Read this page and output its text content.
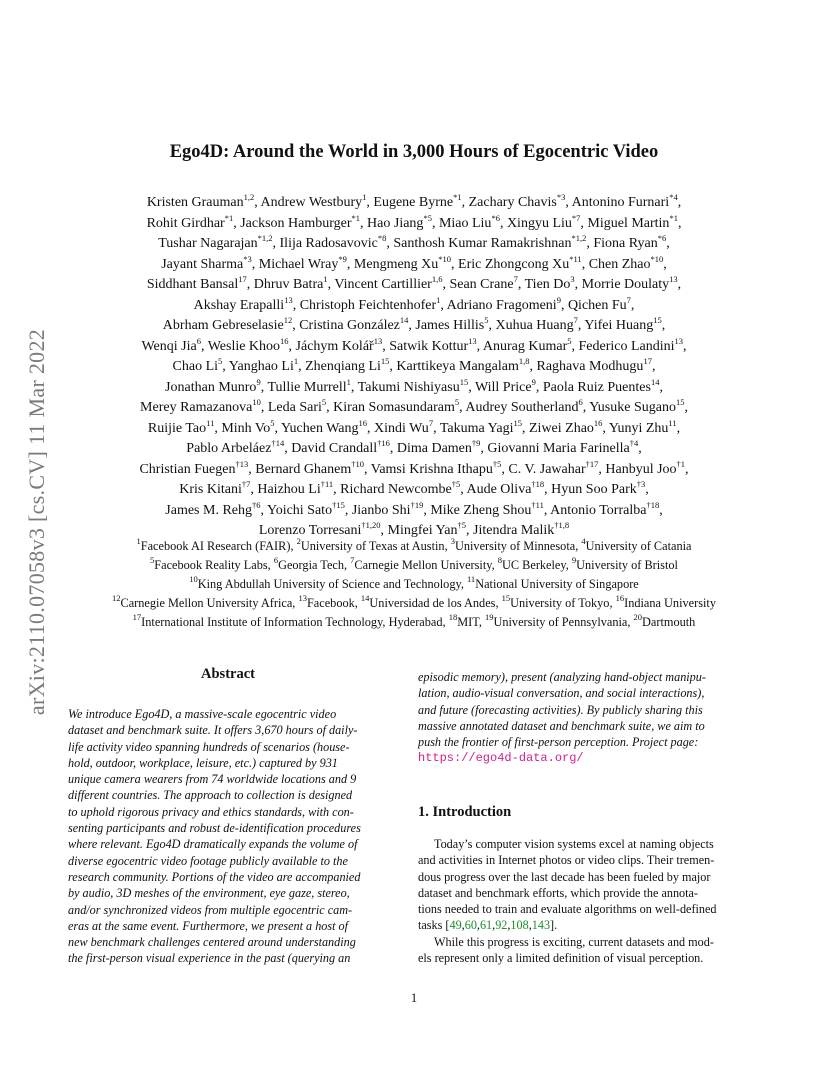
arXiv:2110.07058v3 [cs.CV] 11 Mar 2022
Ego4D: Around the World in 3,000 Hours of Egocentric Video
Kristen Grauman$^{1,2}$, Andrew Westbury$^1$, Eugene Byrne$^{*1}$, Zachary Chavis$^{*3}$, Antonino Furnari$^{*4}$,
Rohit Girdhar$^{*1}$, Jackson Hamburger$^{*1}$, Hao Jiang$^{*5}$, Miao Liu$^{*6}$, Xingyu Liu$^{*7}$, Miguel Martin$^{*1}$,
Tushar Nagarajan$^{*1,2}$, Ilija Radosavovic$^{*8}$, Santhosh Kumar Ramakrishnan$^{*1,2}$, Fiona Ryan$^{*6}$,
Jayant Sharma$^{*3}$, Michael Wray$^{*9}$, Mengmeng Xu$^{*10}$, Eric Zhongcong Xu$^{*11}$, Chen Zhao$^{*10}$,
Siddhant Bansal$^{17}$, Dhruv Batra$^1$, Vincent Cartillier$^{1,6}$, Sean Crane$^7$, Tien Do$^3$, Morrie Doulaty$^{13}$,
Akshay Erapalli$^{13}$, Christoph Feichtenhofer$^1$, Adriano Fragomeni$^9$, Qichen Fu$^7$,
Abrham Gebreselasie$^{12}$, Cristina González$^{14}$, James Hillis$^5$, Xuhua Huang$^7$, Yifei Huang$^{15}$,
Wenqi Jia$^6$, Weslie Khoo$^{16}$, Jáchym Kolář$^{13}$, Satwik Kottur$^{13}$, Anurag Kumar$^5$, Federico Landini$^{13}$,
Chao Li$^5$, Yanghao Li$^1$, Zhenqiang Li$^{15}$, Karttikeya Mangalam$^{1,8}$, Raghava Modhugu$^{17}$,
Jonathan Munro$^9$, Tullie Murrell$^1$, Takumi Nishiyasu$^{15}$, Will Price$^9$, Paola Ruiz Puentes$^{14}$,
Merey Ramazanova$^{10}$, Leda Sari$^5$, Kiran Somasundaram$^5$, Audrey Southerland$^6$, Yusuke Sugano$^{15}$,
Ruijie Tao$^{11}$, Minh Vo$^5$, Yuchen Wang$^{16}$, Xindi Wu$^7$, Takuma Yagi$^{15}$, Ziwei Zhao$^{16}$, Yunyi Zhu$^{11}$,
Pablo Arbeláez$^{\dagger 14}$, David Crandall$^{\dagger 16}$, Dima Damen$^{\dagger 9}$, Giovanni Maria Farinella$^{\dagger 4}$,
Christian Fuegen$^{\dagger 13}$, Bernard Ghanem$^{\dagger 10}$, Vamsi Krishna Ithapu$^{\dagger 5}$, C. V. Jawahar$^{\dagger 17}$, Hanbyul Joo$^{\dagger 1}$,
Kris Kitani$^{\dagger 7}$, Haizhou Li$^{\dagger 11}$, Richard Newcombe$^{\dagger 5}$, Aude Oliva$^{\dagger 18}$, Hyun Soo Park$^{\dagger 3}$,
James M. Rehg$^{\dagger 6}$, Yoichi Sato$^{\dagger 15}$, Jianbo Shi$^{\dagger 19}$, Mike Zheng Shou$^{\dagger 11}$, Antonio Torralba$^{\dagger 18}$,
Lorenzo Torresani$^{\dagger 1,20}$, Mingfei Yan$^{\dagger 5}$, Jitendra Malik$^{\dagger 1,8}$
$^1$Facebook AI Research (FAIR), $^2$University of Texas at Austin, $^3$University of Minnesota, $^4$University of Catania
$^5$Facebook Reality Labs, $^6$Georgia Tech, $^7$Carnegie Mellon University, $^8$UC Berkeley, $^9$University of Bristol
$^{10}$King Abdullah University of Science and Technology, $^{11}$National University of Singapore
$^{12}$Carnegie Mellon University Africa, $^{13}$Facebook, $^{14}$Universidad de los Andes, $^{15}$University of Tokyo, $^{16}$Indiana University
$^{17}$International Institute of Information Technology, Hyderabad, $^{18}$MIT, $^{19}$University of Pennsylvania, $^{20}$Dartmouth
Abstract
We introduce Ego4D, a massive-scale egocentric video
dataset and benchmark suite. It offers 3,670 hours of daily-
life activity video spanning hundreds of scenarios (house-
hold, outdoor, workplace, leisure, etc.) captured by 931
unique camera wearers from 74 worldwide locations and 9
different countries. The approach to collection is designed
to uphold rigorous privacy and ethics standards, with con-
senting participants and robust de-identification procedures
where relevant. Ego4D dramatically expands the volume of
diverse egocentric video footage publicly available to the
research community. Portions of the video are accompanied
by audio, 3D meshes of the environment, eye gaze, stereo,
and/or synchronized videos from multiple egocentric cam-
eras at the same event. Furthermore, we present a host of
new benchmark challenges centered around understanding
the first-person visual experience in the past (querying an
episodic memory), present (analyzing hand-object manipu-
lation, audio-visual conversation, and social interactions),
and future (forecasting activities). By publicly sharing this
massive annotated dataset and benchmark suite, we aim to
push the frontier of first-person perception. Project page:
https://ego4d-data.org/
1. Introduction
Today’s computer vision systems excel at naming objects
and activities in Internet photos or video clips. Their tremen-
dous progress over the last decade has been fueled by major
dataset and benchmark efforts, which provide the annota-
tions needed to train and evaluate algorithms on well-defined
tasks [49,60,61,92,108,143].
While this progress is exciting, current datasets and mod-
els represent only a limited definition of visual perception.
1
